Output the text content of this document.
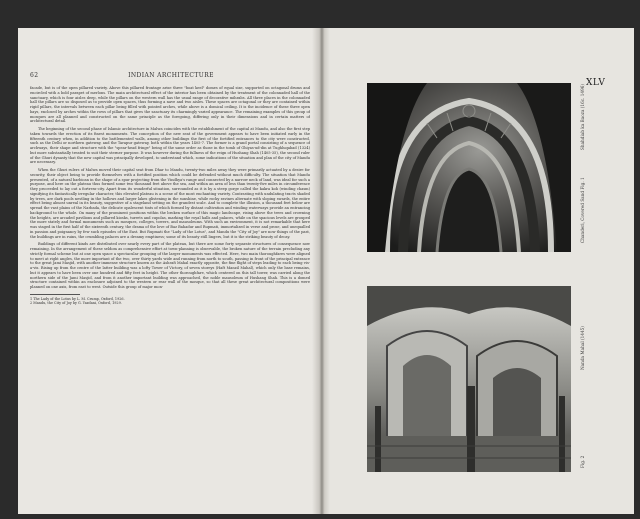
62	INDIAN ARCHITECTURE

facade, but is of the open pillared variety. Above this pillared frontage arise three "boat keel" domes of equal size, supported on octagonal drums and encircled with a bold parapet of merlons. The main architectural effect of the interior has been obtained by the treatment of the colonnaded hall of the sanctuary, which is four aisles deep, while the pillars on the western wall has the usual range of decorative mihrabs. All three places in the colonnaded hall the pillars are so disposed as to provide open spaces, thus forming a nave and two aisles. These spaces are octagonal or they are contained within rigid pillars, the intervals between each pillar being filled with pointed arches, while above is a domical ceiling. It is the incidence of these three open bays, enclosed by arches within the rows of pillars that gives the sanctuary its charmingly varied appearance. The remaining examples of this group of mosques are all planned and constructed on the same principle as the foregoing, differing only in their dimensions and in certain matters of architectural detail.

The beginning of the second phase of Islamic architecture in Malwa coincides with the establishment of the capital at Mandu, and also the first step taken towards the erection of its finest monuments. The conception of the new seat of the government appears to have been initiated early in the fifteenth century when, in addition to the battlemented walls, among other buildings the first of the fortified entrances to the city were constructed, such as the Delhi or northern gateway, and the Tarapur gateway, both within the years 1405-7. The former is a grand portal consisting of a sequence of archways, their shape and structure with the "spear-head fringe" being of the same order as those in the tomb of Ghiyas-ud-din at Tughluqabad (1324) but more substantially treated to suit their sterner purpose. It was however during the fullness of the reign of Hushang Shah (1405-35), the second ruler of the Ghuri dynasty that the new capital was principally developed, to understand which, some indications of the situation and plan of the city of Mandu are necessary.

When the Ghuri rulers of Malwa moved their capital seat from Dhar to Mandu, twenty-two miles away they were primarily actuated by a desire for security, their object being to provide themselves with a fortified position which could be defended without much difficulty. The situation that Mandu presented, of a natural barbican in the shape of a spur projecting from the Vindhya's range and connected by a narrow neck of land, was ideal for such a purpose, and here on the plateau thus formed some two thousand feet above the sea, and within an area of less than twenty-five miles in circumference they proceeded to lay out a fortress-city. Apart from its wonderful situation, surrounded as it is by a steep gorge called the kakra koh (winding chasm) signifying its fantastically irregular character, this elevated plateau is a scene of the most enchanting variety. Contrasting with undulating tracts shaded by trees, are dark pools nestling in the hollows and larger lakes glistening in the sunshine, while rocky ravines alternate with sloping swards, the entire effect being almost unreal in its beauty, suggestive of a stageland setting on the grandest scale. And to complete the illusion, a thousand feet below are spread the vast plains of the Narbada, the delicate opalescent tints of which formed by distant cultivation and winding waterways provide an entrancing background to the whole. On many of the prominent positions within the broken surface of this magic landscape, rising above the trees and crowning the heights, are arcaded pavilions and pillared kiosks, turrets and cupolas, marking the royal halls and palaces, while on the spacious levels are grouped the more stately and formal monuments such as mosques, colleges, towers, and mausoleums. With such an environment, it is not remarkable that here was staged in the first half of the sixteenth century, the drama of the love of Baz Bahadur and Rupmati, immortalized in verse and prose, and unequalled in passion and poignancy by few such episodes of the East. But Rupmati the "Lady of the Lotus", and Mandu the "City of Joy" are now things of the past, the buildings are in ruins, the crumbling palaces are a dreamy emptiness; some of its beauty still lingers, but it is the striking beauty of decay.

Buildings of different kinds are distributed over nearly every part of the plateau, but there are some forty separate structures of consequence now remaining. In the arrangement of these seldom as comprehensive effort at town-planning is observable, the broken nature of the terrain precluding any strictly formal scheme but at one open space a spectacular grouping of the larger monuments was effected. Here, two main thoroughfares were aligned to meet at right angles, the more important of the two, over thirty yards wide and running from north to south, passing in front of the principal entrance to the great Jami Masjid, with another immense structure known as the Ashrafi Mahal exactly opposite, the fine flight of steps leading to each being vis-a-vis. Rising up from the centre of the latter building was a lofty Tower of Victory, of seven storeys (Haft Manzil Mahal), which only the base remains, but it appears to have been over one hundred and fifty feet in height. The other thoroughfare, which centered on this tall tower, was carried along the northern side of the Jami Masjid, and from it another important building was approached, the noble mausoleum of Hushang Shah. This is a domed structure contained within an enclosure adjoined to the western or rear wall of the mosque, so that all these great architectural compositions were planned on one axis, from east to west. Outside this group of major mon-

1 The Lady of the Lotus by L. M. Crump, Oxford, 1926.

2 Mandu, the City of Joy by G. Yazdani, Oxford, 1929.

XLV
Shahdiab ka Baoza (16c. 1496)
Chanderi, Covered Sand Fig. 1
Nanda Mahal (1445)
Fig. 2
